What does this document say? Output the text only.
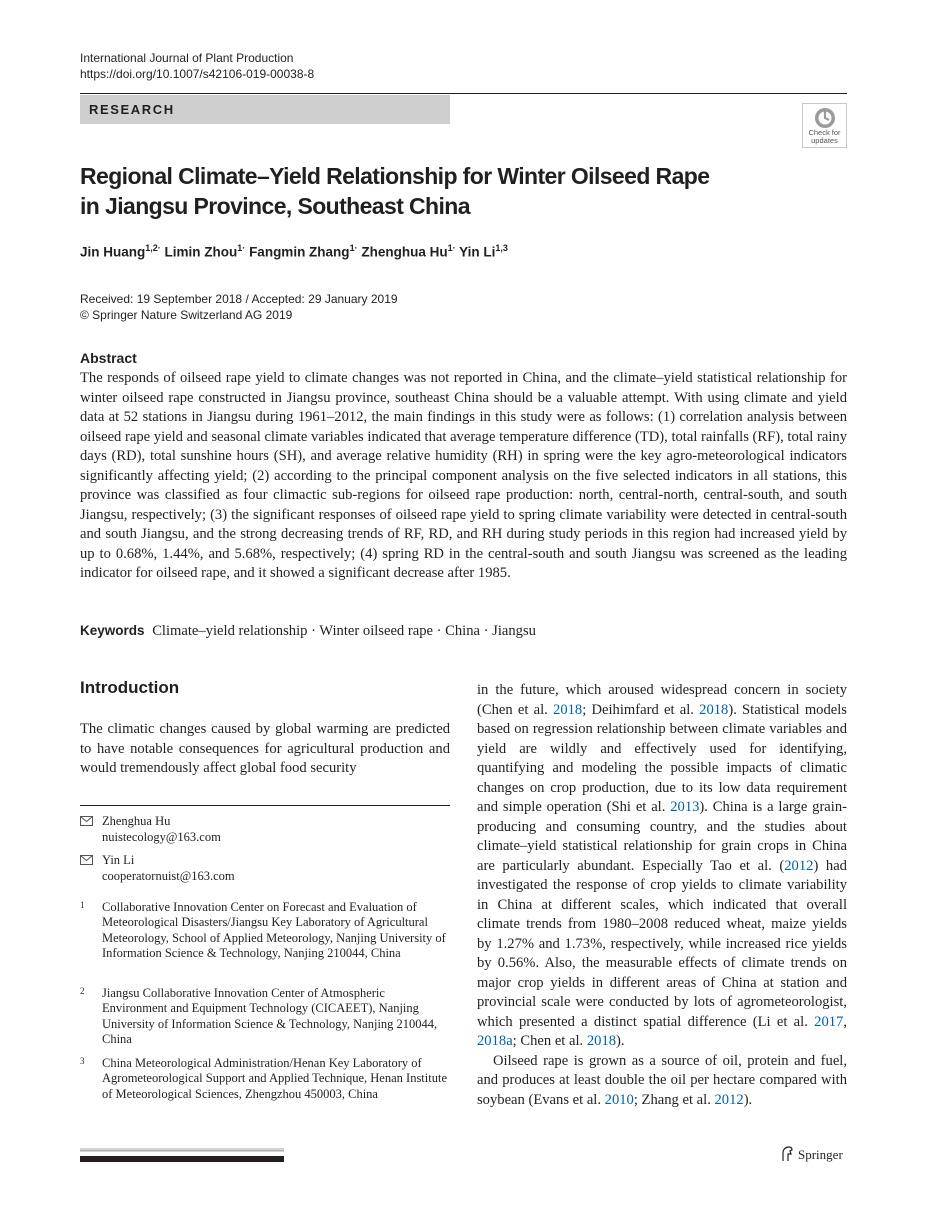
International Journal of Plant Production
https://doi.org/10.1007/s42106-019-00038-8
RESEARCH
Check for
updates
Regional Climate–Yield Relationship for Winter Oilseed Rape
in Jiangsu Province, Southeast China
Jin Huang$^{1,2\cdot}$ Limin Zhou$^{1\cdot}$ Fangmin Zhang$^{1\cdot}$ Zhenghua $Hu^{1\cdot}$ Yin Li$^{1,3}$
Received: 19 September 2018 / Accepted: 29 January 2019
© Springer Nature Switzerland AG 2019
Abstract
The responds of oilseed rape yield to climate changes was not reported in China, and the climate–yield statistical relationship for winter oilseed rape constructed in Jiangsu province, southeast China should be a valuable attempt. With using climate and yield data at 52 stations in Jiangsu during 1961–2012, the main findings in this study were as follows: (1) correlation analysis between oilseed rape yield and seasonal climate variables indicated that average temperature difference (TD), total rainfalls (RF), total rainy days (RD), total sunshine hours (SH), and average relative humidity (RH) in spring were the key agro-meteorological indicators significantly affecting yield; (2) according to the principal component analysis on the five selected indicators in all stations, this province was classified as four climactic sub-regions for oilseed rape production: north, central-north, central-south, and south Jiangsu, respectively; (3) the significant responses of oilseed rape yield to spring climate variability were detected in central-south and south Jiangsu, and the strong decreasing trends of RF, RD, and RH during study periods in this region had increased yield by up to 0.68%, 1.44%, and 5.68%, respectively; (4) spring RD in the central-south and south Jiangsu was screened as the leading indicator for oilseed rape, and it showed a significant decrease after 1985.
Keywords Climate–yield relationship · Winter oilseed rape · China · Jiangsu
Introduction
The climatic changes caused by global warming are predicted to have notable consequences for agricultural production and would tremendously affect global food security
Zhenghua Hu
nuistecology@163.com
Yin Li
cooperatornuist@163.com
1 Collaborative Innovation Center on Forecast and Evaluation of Meteorological Disasters/Jiangsu Key Laboratory of Agricultural Meteorology, School of Applied Meteorology, Nanjing University of Information Science & Technology, Nanjing 210044, China
2 Jiangsu Collaborative Innovation Center of Atmospheric Environment and Equipment Technology (CICAEET), Nanjing University of Information Science & Technology, Nanjing 210044, China
3 China Meteorological Administration/Henan Key Laboratory of Agrometeorological Support and Applied Technique, Henan Institute of Meteorological Sciences, Zhengzhou 450003, China

in the future, which aroused widespread concern in society (Chen et al. 2018; Deihimfard et al. 2018). Statistical models based on regression relationship between climate variables and yield are wildly and effectively used for identifying, quantifying and modeling the possible impacts of climatic changes on crop production, due to its low data requirement and simple operation (Shi et al. 2013). China is a large grain-producing and consuming country, and the studies about climate–yield statistical relationship for grain crops in China are particularly abundant. Especially Tao et al. (2012) had investigated the response of crop yields to climate variability in China at different scales, which indicated that overall climate trends from 1980–2008 reduced wheat, maize yields by 1.27% and 1.73%, respectively, while increased rice yields by 0.56%. Also, the measurable effects of climate trends on major crop yields in different areas of China at station and provincial scale were conducted by lots of agrometeorologist, which presented a distinct spatial difference (Li et al. 2017, 2018a; Chen et al. 2018).

Oilseed rape is grown as a source of oil, protein and fuel, and produces at least double the oil per hectare compared with soybean (Evans et al. 2010; Zhang et al. 2012).

Springer
